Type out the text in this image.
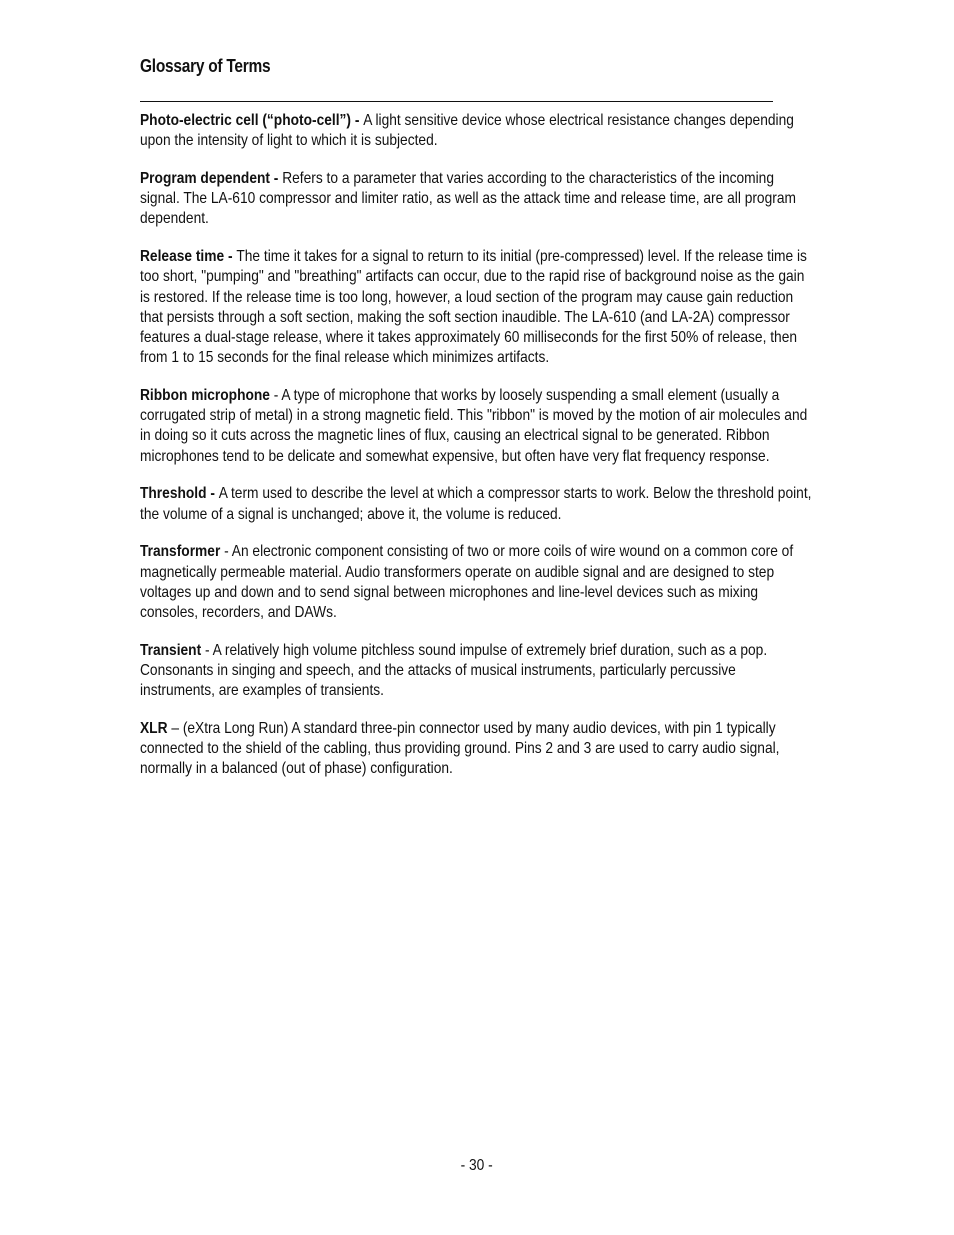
Glossary of Terms

Photo-electric cell (“photo-cell”) - A light sensitive device whose electrical resistance changes depending upon the intensity of light to which it is subjected.

Program dependent - Refers to a parameter that varies according to the characteristics of the incoming signal. The LA-610 compressor and limiter ratio, as well as the attack time and release time, are all program dependent.

Release time - The time it takes for a signal to return to its initial (pre-compressed) level. If the release time is too short, "pumping" and "breathing" artifacts can occur, due to the rapid rise of background noise as the gain is restored. If the release time is too long, however, a loud section of the program may cause gain reduction that persists through a soft section, making the soft section inaudible. The LA-610 (and LA-2A) compressor features a dual-stage release, where it takes approximately 60 milliseconds for the first 50% of release, then from 1 to 15 seconds for the final release which minimizes artifacts.

Ribbon microphone - A type of microphone that works by loosely suspending a small element (usually a corrugated strip of metal) in a strong magnetic field. This "ribbon" is moved by the motion of air molecules and in doing so it cuts across the magnetic lines of flux, causing an electrical signal to be generated. Ribbon microphones tend to be delicate and somewhat expensive, but often have very flat frequency response.

Threshold - A term used to describe the level at which a compressor starts to work. Below the threshold point, the volume of a signal is unchanged; above it, the volume is reduced.

Transformer - An electronic component consisting of two or more coils of wire wound on a common core of magnetically permeable material. Audio transformers operate on audible signal and are designed to step voltages up and down and to send signal between microphones and line-level devices such as mixing consoles, recorders, and DAWs.

Transient - A relatively high volume pitchless sound impulse of extremely brief duration, such as a pop. Consonants in singing and speech, and the attacks of musical instruments, particularly percussive instruments, are examples of transients.

XLR – (eXtra Long Run) A standard three-pin connector used by many audio devices, with pin 1 typically connected to the shield of the cabling, thus providing ground. Pins 2 and 3 are used to carry audio signal, normally in a balanced (out of phase) configuration.

- 30 -
